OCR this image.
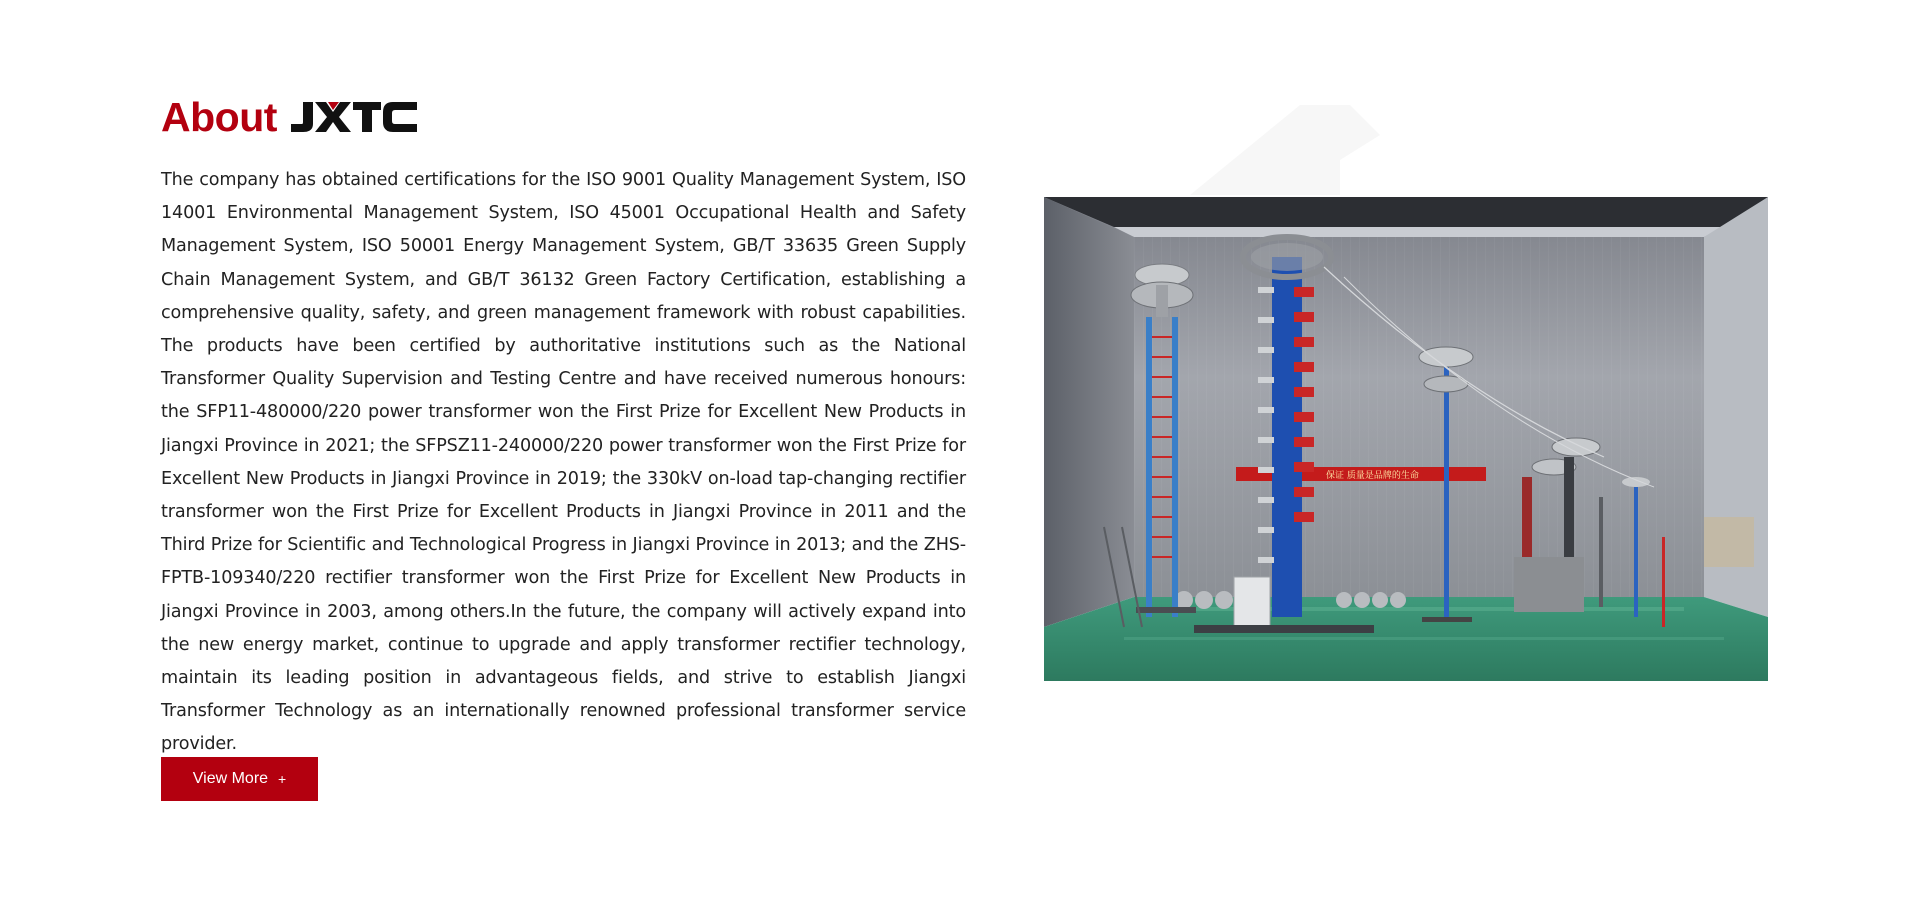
About

The company has obtained certifications for the ISO 9001 Quality Management System, ISO 14001 Environmental Management System, ISO 45001 Occupational Health and Safety Management System, ISO 50001 Energy Management System, GB/T 33635 Green Supply Chain Management System, and GB/T 36132 Green Factory Certification, establishing a comprehensive quality, safety, and green management framework with robust capabilities. The products have been certified by authoritative institutions such as the National Transformer Quality Supervision and Testing Centre and have received numerous honours: the SFP11-480000/220 power transformer won the First Prize for Excellent New Products in Jiangxi Province in 2021; the SFPSZ11-240000/220 power transformer won the First Prize for Excellent New Products in Jiangxi Province in 2019; the 330kV on-load tap-changing rectifier transformer won the First Prize for Excellent Products in Jiangxi Province in 2011 and the Third Prize for Scientific and Technological Progress in Jiangxi Province in 2013; and the ZHS-FPTB-109340/220 rectifier transformer won the First Prize for Excellent New Products in Jiangxi Province in 2003, among others.In the future, the company will actively expand into the new energy market, continue to upgrade and apply transformer rectifier technology, maintain its leading position in advantageous fields, and strive to establish Jiangxi Transformer Technology as an internationally renowned professional transformer service provider.

View More +
保证 质量是品牌的生命
